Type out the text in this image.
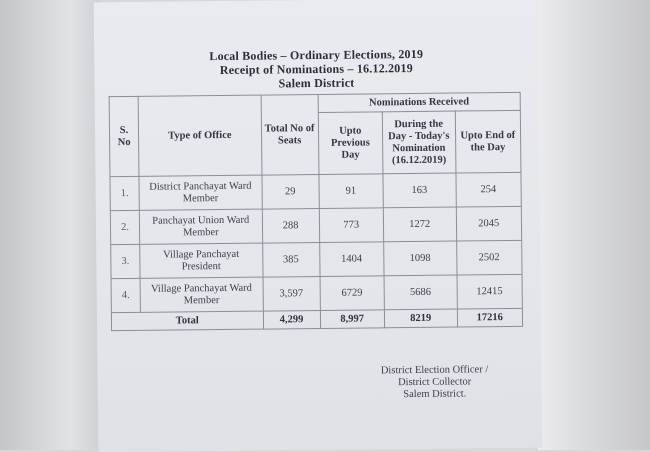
Local Bodies – Ordinary Elections, 2019
Receipt of Nominations – 16.12.2019
Salem District
S. No	Type of Office	Total No of Seats	Nominations Received		
			Upto Previous Day	During the Day - Today's Nomination (16.12.2019)	Upto End of the Day
1.	District Panchayat Ward Member	29	91	163	254
2.	Panchayat Union Ward Member	288	773	1272	2045
3.	Village Panchayat President	385	1404	1098	2502
4.	Village Panchayat Ward Member	3,597	6729	5686	12415
Total		4,299	8,997	8219	17216
District Election Officer /
District Collector
Salem District.
